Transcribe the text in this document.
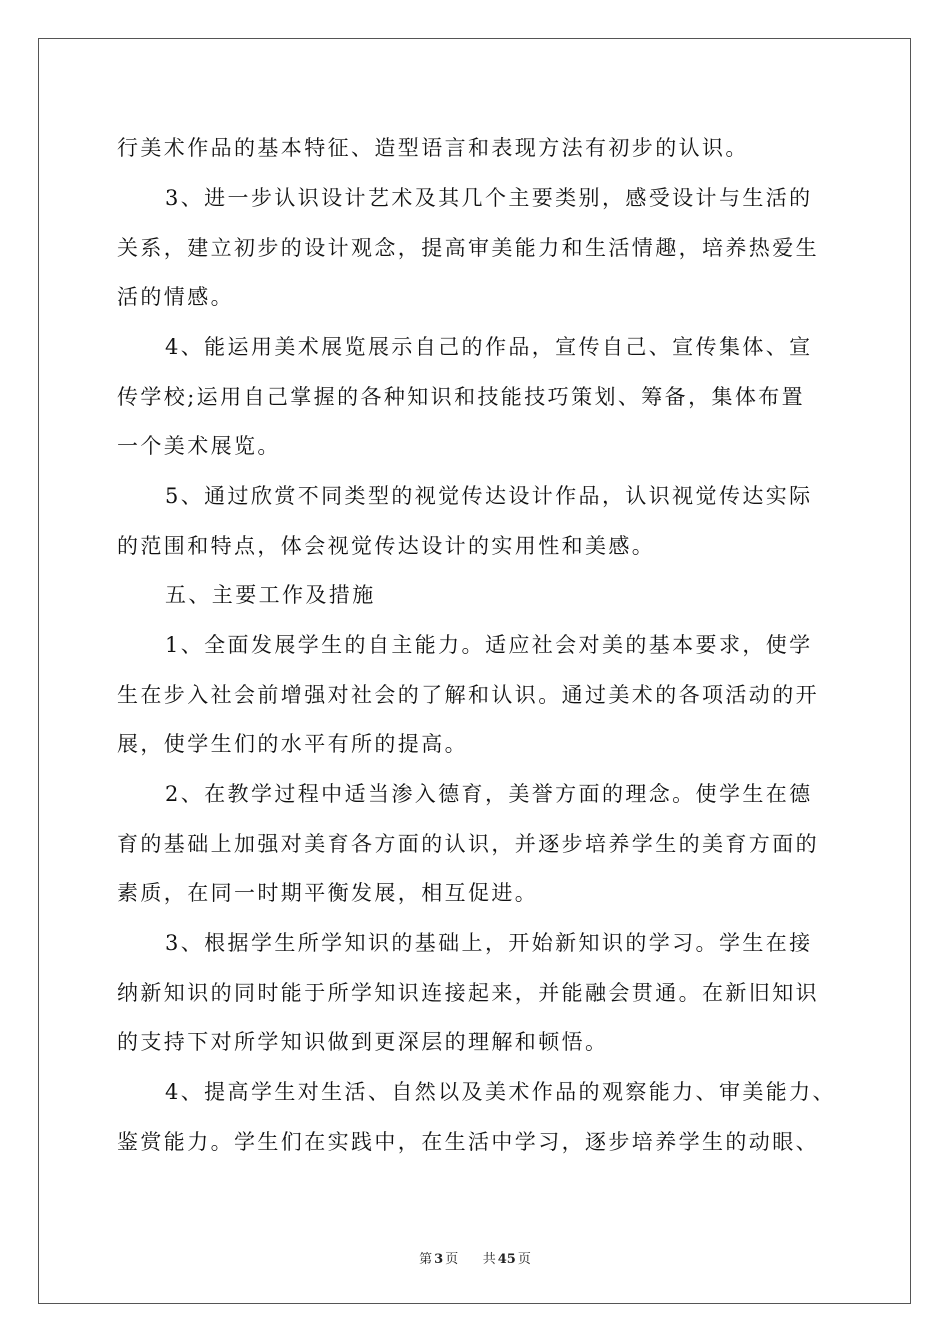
行美术作品的基本特征、造型语言和表现方法有初步的认识。
3、进一步认识设计艺术及其几个主要类别，感受设计与生活的
关系，建立初步的设计观念，提高审美能力和生活情趣，培养热爱生
活的情感。
4、能运用美术展览展示自己的作品，宣传自己、宣传集体、宣
传学校;运用自己掌握的各种知识和技能技巧策划、筹备，集体布置
一个美术展览。
5、通过欣赏不同类型的视觉传达设计作品，认识视觉传达实际
的范围和特点，体会视觉传达设计的实用性和美感。
五、主要工作及措施
1、全面发展学生的自主能力。适应社会对美的基本要求，使学
生在步入社会前增强对社会的了解和认识。通过美术的各项活动的开
展，使学生们的水平有所的提高。
2、在教学过程中适当渗入德育，美誉方面的理念。使学生在德
育的基础上加强对美育各方面的认识，并逐步培养学生的美育方面的
素质，在同一时期平衡发展，相互促进。
3、根据学生所学知识的基础上，开始新知识的学习。学生在接
纳新知识的同时能于所学知识连接起来，并能融会贯通。在新旧知识
的支持下对所学知识做到更深层的理解和顿悟。
4、提高学生对生活、自然以及美术作品的观察能力、审美能力、
鉴赏能力。学生们在实践中，在生活中学习，逐步培养学生的动眼、
第 3 页 共 45 页
